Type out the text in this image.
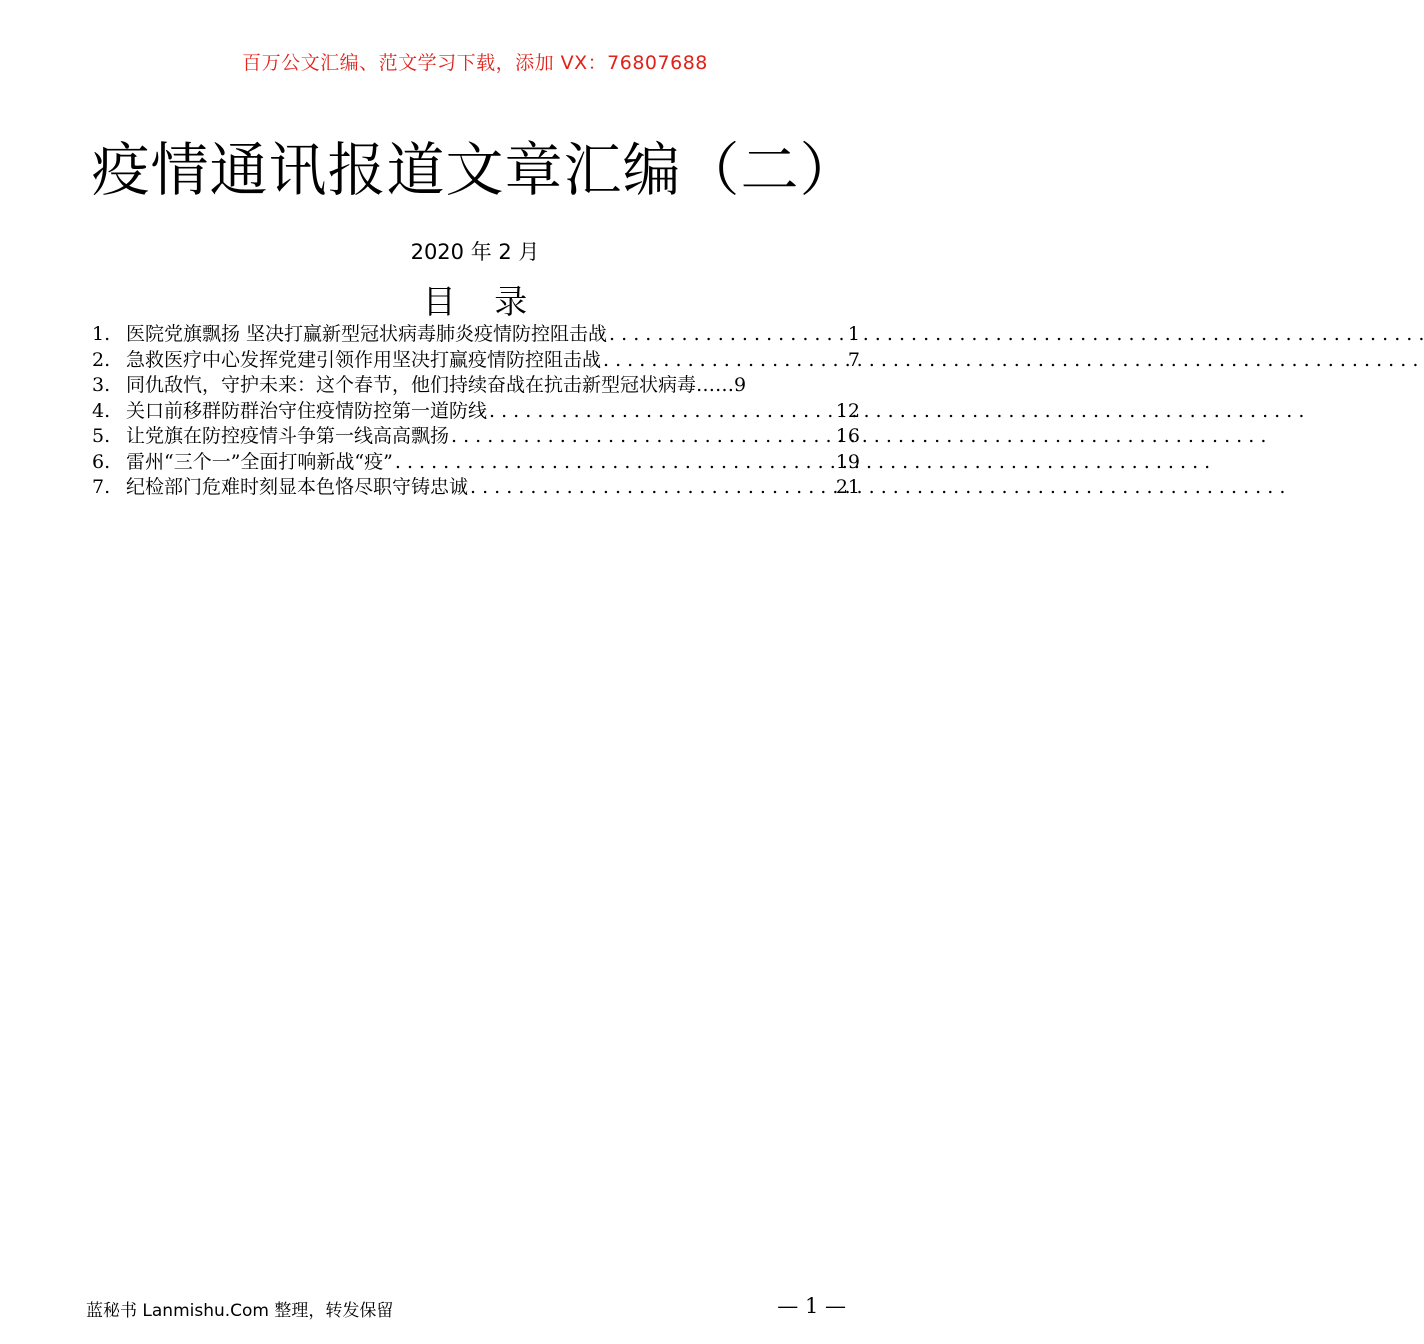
百万公文汇编、范文学习下载，添加 VX：76807688
疫情通讯报道文章汇编（二）
2020 年 2 月
目 录
1. 医院党旗飘扬 坚决打赢新型冠状病毒肺炎疫情防控阻击战 . . .	1
2. 急救医疗中心发挥党建引领作用坚决打赢疫情防控阻击战 . . .	7
3. 同仇敌忾，守护未来：这个春节，他们持续奋战在抗击新型冠状病毒…… 9
4. 关口前移群防群治守住疫情防控第一道防线 . . .	12
5. 让党旗在防控疫情斗争第一线高高飘扬 . . .	16
6. 雷州“三个一”全面打响新战“疫” . . .	19
7. 纪检部门危难时刻显本色恪尽职守铸忠诚 . . .	21
蓝秘书 Lanmishu.Com 整理，转发保留	— 1 —
